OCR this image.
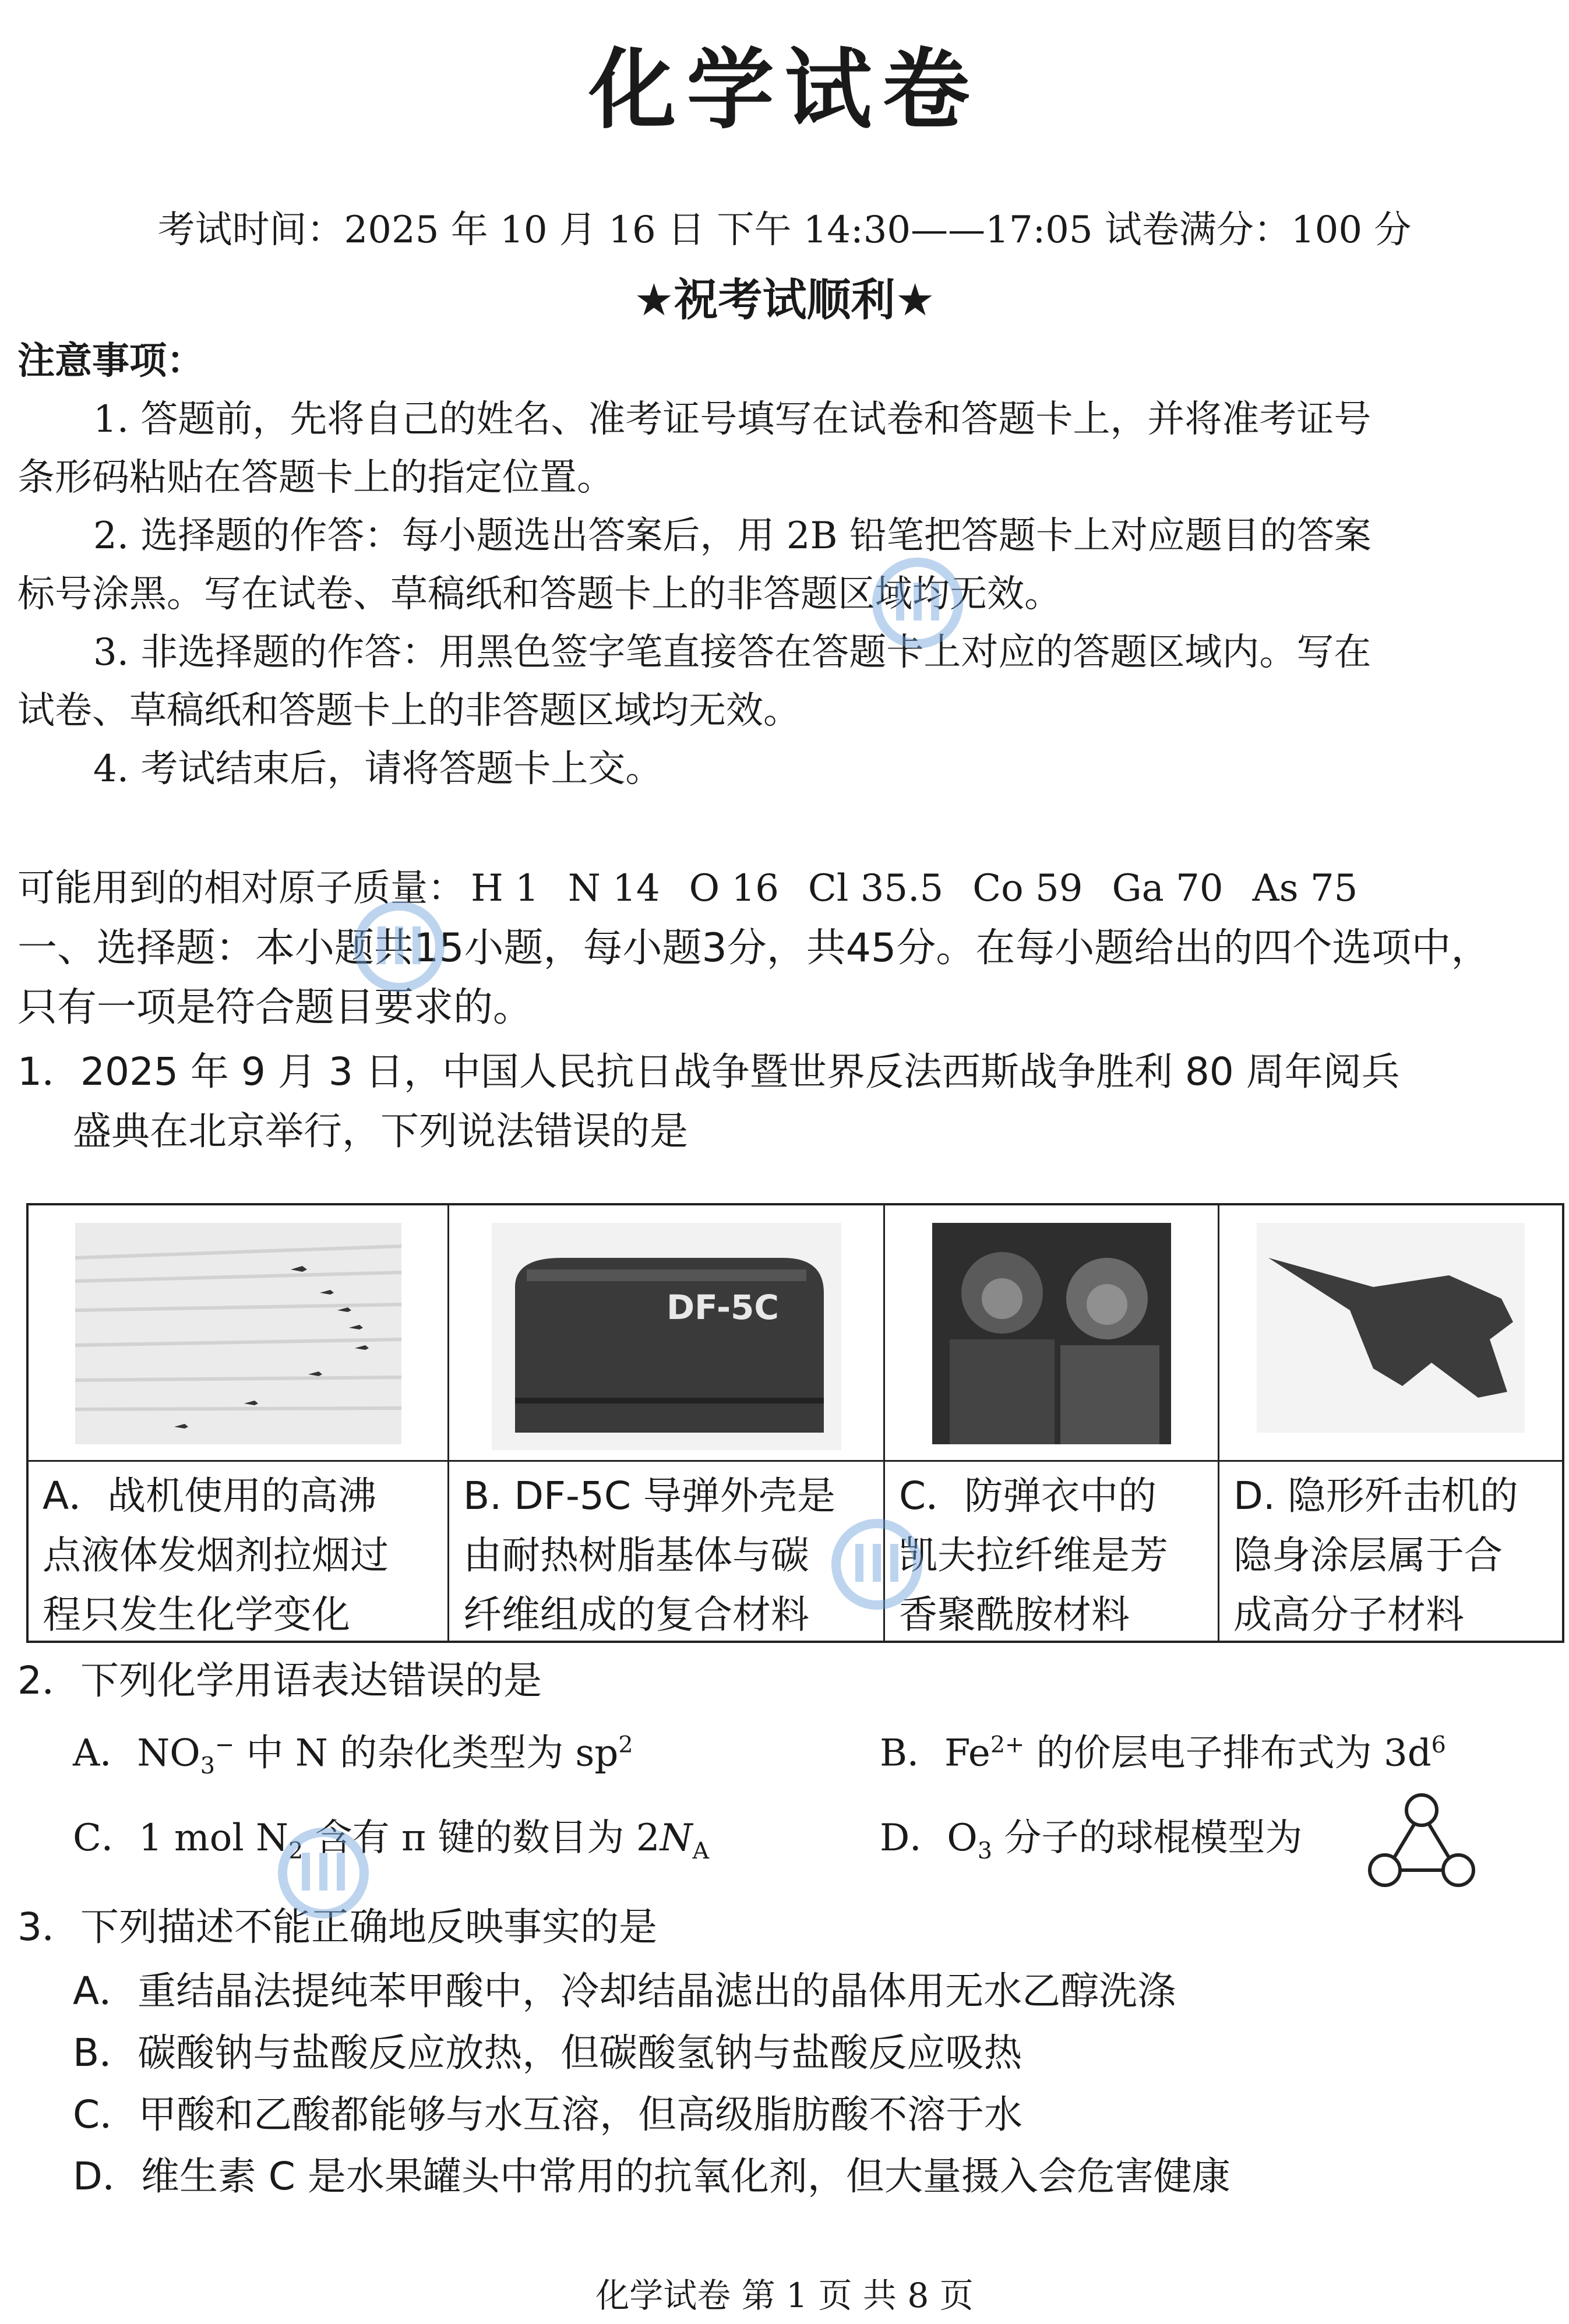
化学试卷
考试时间：2025 年 10 月 16 日 下午 14:30——17:05 试卷满分：100 分
★祝考试顺利★
注意事项：
1. 答题前，先将自己的姓名、准考证号填写在试卷和答题卡上，并将准考证号
条形码粘贴在答题卡上的指定位置。
2. 选择题的作答：每小题选出答案后，用 2B 铅笔把答题卡上对应题目的答案
标号涂黑。写在试卷、草稿纸和答题卡上的非答题区域均无效。
3. 非选择题的作答：用黑色签字笔直接答在答题卡上对应的答题区域内。写在
试卷、草稿纸和答题卡上的非答题区域均无效。
4. 考试结束后，请将答题卡上交。
可能用到的相对原子质量： H 1 N 14 O 16 Cl 35.5 Co 59 Ga 70 As 75
一、选择题：本小题共15小题，每小题3分，共45分。在每小题给出的四个选项中，
只有一项是符合题目要求的。
1．2025 年 9 月 3 日，中国人民抗日战争暨世界反法西斯战争胜利 80 周年阅兵
盛典在北京举行，下列说法错误的是
DF-5C
A．战机使用的高沸
点液体发烟剂拉烟过
程只发生化学变化
B. DF-5C 导弹外壳是
由耐热树脂基体与碳
纤维组成的复合材料
C．防弹衣中的
凯夫拉纤维是芳
香聚酰胺材料
D. 隐形歼击机的
隐身涂层属于合
成高分子材料
2．下列化学用语表达错误的是
A．$NO_3^-$ 中 N 的杂化类型为 $sp^2$	B．$Fe^{2+}$ 的价层电子排布式为 $3d^6$
C．1 mol $N_2$ 含有 π 键的数目为 $2N_A$	D．$O_3$ 分子的球棍模型为
3．下列描述不能正确地反映事实的是
A．重结晶法提纯苯甲酸中，冷却结晶滤出的晶体用无水乙醇洗涤
B．碳酸钠与盐酸反应放热，但碳酸氢钠与盐酸反应吸热
C．甲酸和乙酸都能够与水互溶，但高级脂肪酸不溶于水
D．维生素 C 是水果罐头中常用的抗氧化剂，但大量摄入会危害健康
化学试卷 第 1 页 共 8 页
